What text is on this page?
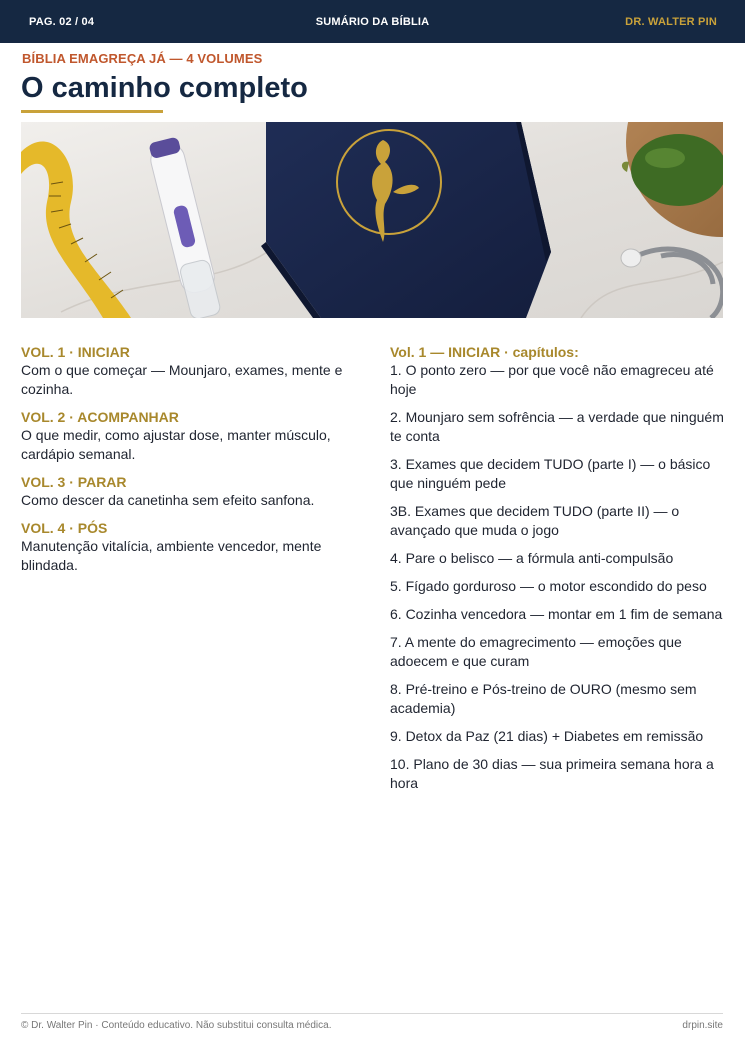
PAG. 02 / 04	SUMÁRIO DA BÍBLIA	DR. WALTER PIN
BÍBLIA EMAGREÇA JÁ — 4 VOLUMES
O caminho completo
VOL. 1 · INICIAR
Com o que começar — Mounjaro, exames, mente e cozinha.
VOL. 2 · ACOMPANHAR
O que medir, como ajustar dose, manter músculo, cardápio semanal.
VOL. 3 · PARAR
Como descer da canetinha sem efeito sanfona.
VOL. 4 · PÓS
Manutenção vitalícia, ambiente vencedor, mente blindada.
Vol. 1 — INICIAR · capítulos:
1. O ponto zero — por que você não emagreceu até hoje
2. Mounjaro sem sofrência — a verdade que ninguém te conta
3. Exames que decidem TUDO (parte I) — o básico que ninguém pede
3B. Exames que decidem TUDO (parte II) — o avançado que muda o jogo
4. Pare o belisco — a fórmula anti-compulsão
5. Fígado gorduroso — o motor escondido do peso
6. Cozinha vencedora — montar em 1 fim de semana
7. A mente do emagrecimento — emoções que adoecem e que curam
8. Pré-treino e Pós-treino de OURO (mesmo sem academia)
9. Detox da Paz (21 dias) + Diabetes em remissão
10. Plano de 30 dias — sua primeira semana hora a hora
© Dr. Walter Pin · Conteúdo educativo. Não substitui consulta médica.	drpin.site
